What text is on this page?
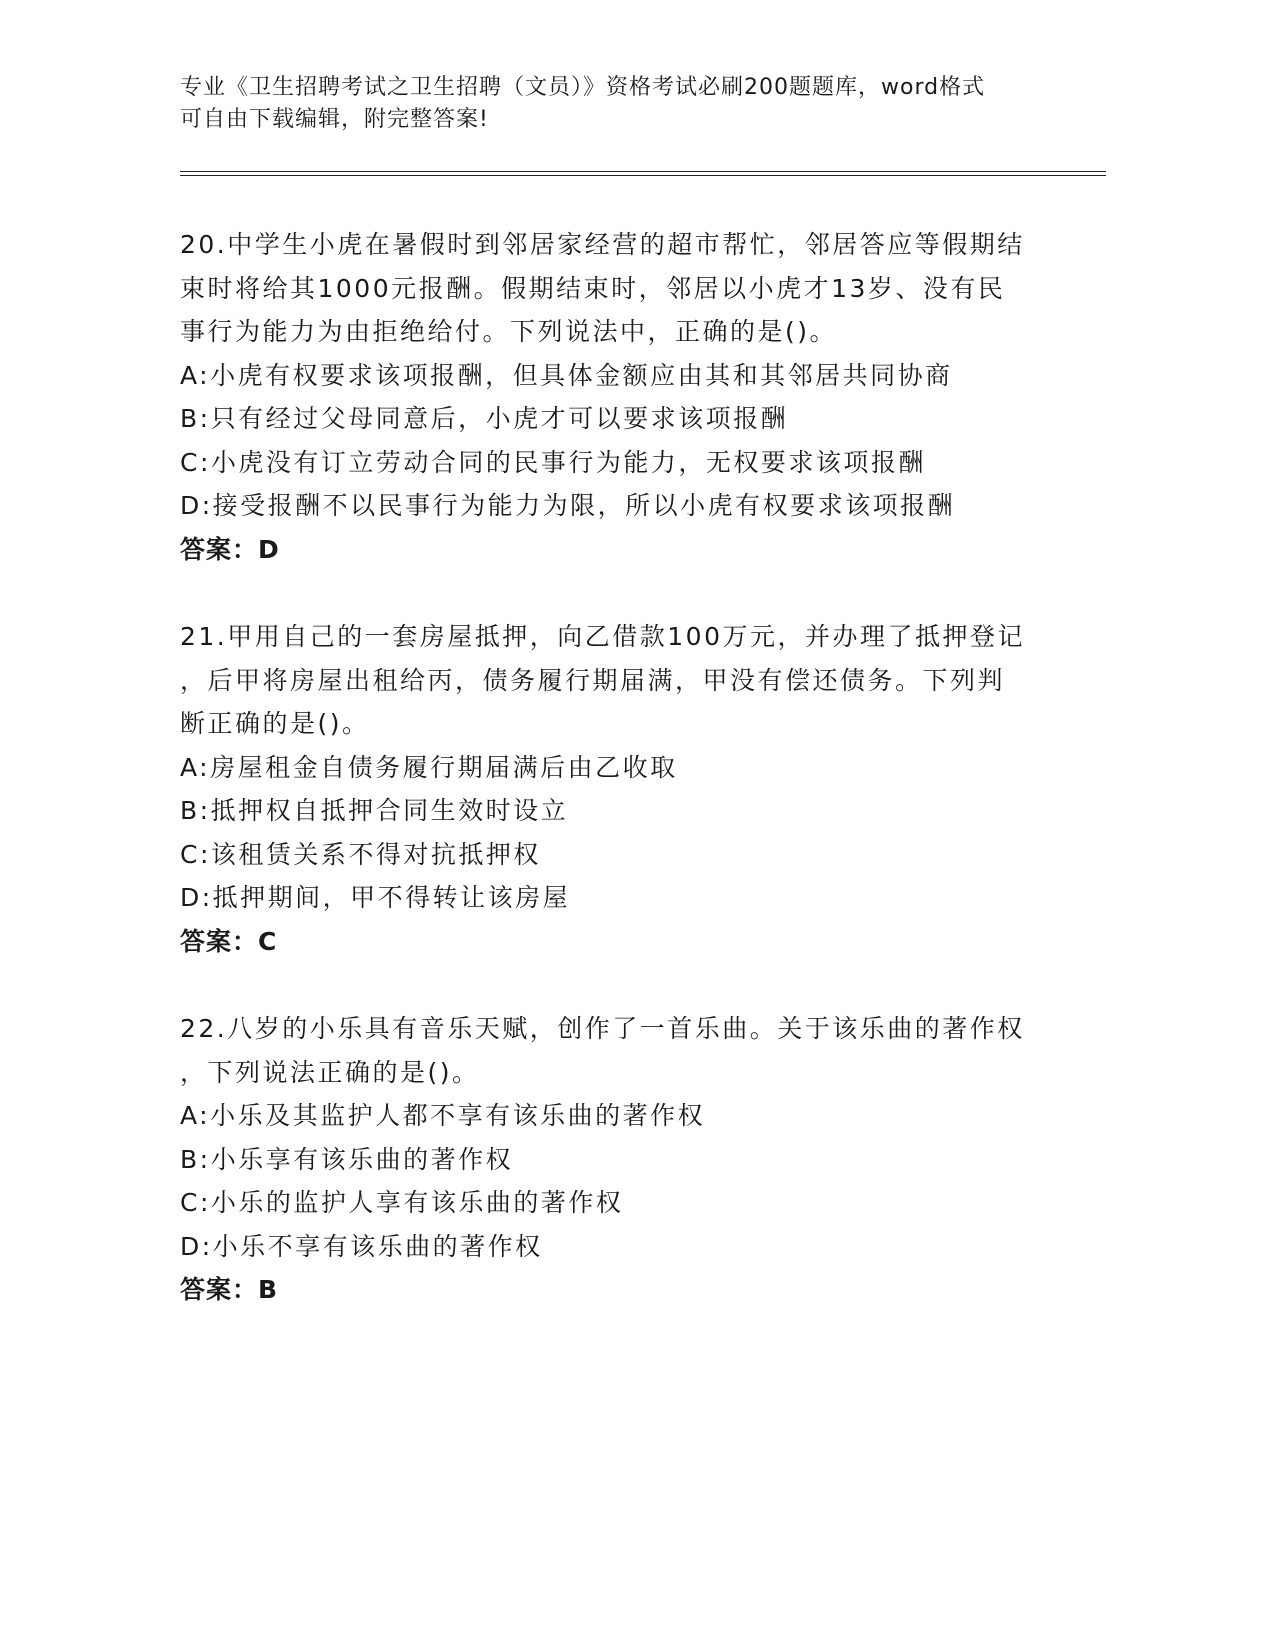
专业《卫生招聘考试之卫生招聘（文员）》资格考试必刷200题题库，word格式
可自由下载编辑，附完整答案!
20.中学生小虎在暑假时到邻居家经营的超市帮忙，邻居答应等假期结
束时将给其1000元报酬。假期结束时，邻居以小虎才13岁、没有民
事行为能力为由拒绝给付。下列说法中，正确的是()。
A:小虎有权要求该项报酬，但具体金额应由其和其邻居共同协商
B:只有经过父母同意后，小虎才可以要求该项报酬
C:小虎没有订立劳动合同的民事行为能力，无权要求该项报酬
D:接受报酬不以民事行为能力为限，所以小虎有权要求该项报酬
答案：D
21.甲用自己的一套房屋抵押，向乙借款100万元，并办理了抵押登记
，后甲将房屋出租给丙，债务履行期届满，甲没有偿还债务。下列判
断正确的是()。
A:房屋租金自债务履行期届满后由乙收取
B:抵押权自抵押合同生效时设立
C:该租赁关系不得对抗抵押权
D:抵押期间，甲不得转让该房屋
答案：C
22.八岁的小乐具有音乐天赋，创作了一首乐曲。关于该乐曲的著作权
，下列说法正确的是()。
A:小乐及其监护人都不享有该乐曲的著作权
B:小乐享有该乐曲的著作权
C:小乐的监护人享有该乐曲的著作权
D:小乐不享有该乐曲的著作权
答案：B
